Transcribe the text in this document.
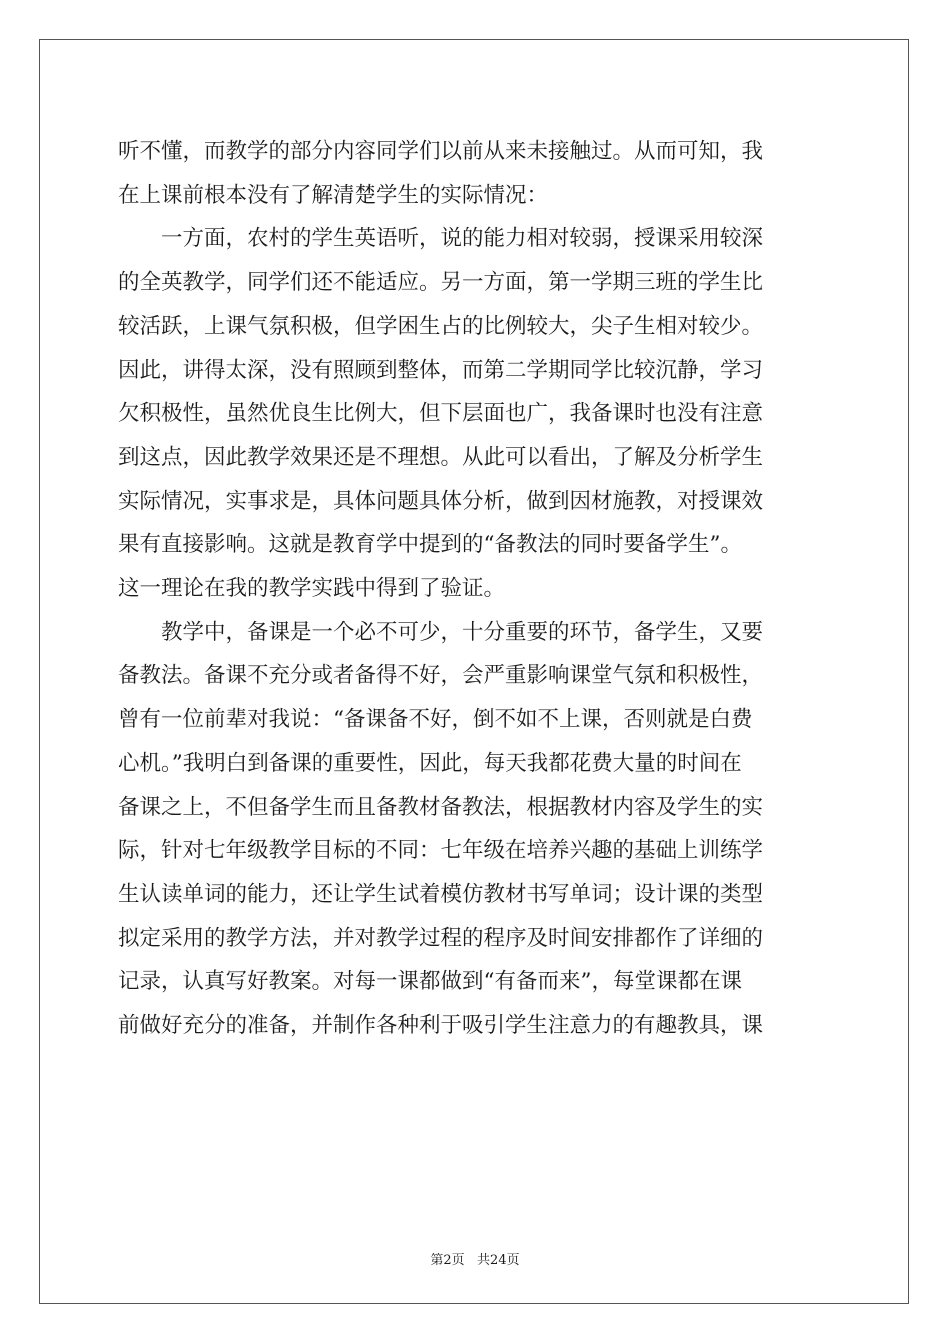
听不懂，而教学的部分内容同学们以前从来未接触过。从而可知，我

在上课前根本没有了解清楚学生的实际情况：

一方面，农村的学生英语听，说的能力相对较弱，授课采用较深

的全英教学，同学们还不能适应。另一方面，第一学期三班的学生比

较活跃，上课气氛积极，但学困生占的比例较大，尖子生相对较少。

因此，讲得太深，没有照顾到整体，而第二学期同学比较沉静，学习

欠积极性，虽然优良生比例大，但下层面也广，我备课时也没有注意

到这点，因此教学效果还是不理想。从此可以看出，了解及分析学生

实际情况，实事求是，具体问题具体分析，做到因材施教，对授课效

果有直接影响。这就是教育学中提到的“备教法的同时要备学生”。

这一理论在我的教学实践中得到了验证。

教学中，备课是一个必不可少，十分重要的环节，备学生，又要

备教法。备课不充分或者备得不好，会严重影响课堂气氛和积极性，

曾有一位前辈对我说：“备课备不好，倒不如不上课，否则就是白费

心机。”我明白到备课的重要性，因此，每天我都花费大量的时间在

备课之上，不但备学生而且备教材备教法，根据教材内容及学生的实

际，针对七年级教学目标的不同：七年级在培养兴趣的基础上训练学

生认读单词的能力，还让学生试着模仿教材书写单词；设计课的类型

拟定采用的教学方法，并对教学过程的程序及时间安排都作了详细的

记录，认真写好教案。对每一课都做到“有备而来”，每堂课都在课

前做好充分的准备，并制作各种利于吸引学生注意力的有趣教具，课

第2页   共24页
